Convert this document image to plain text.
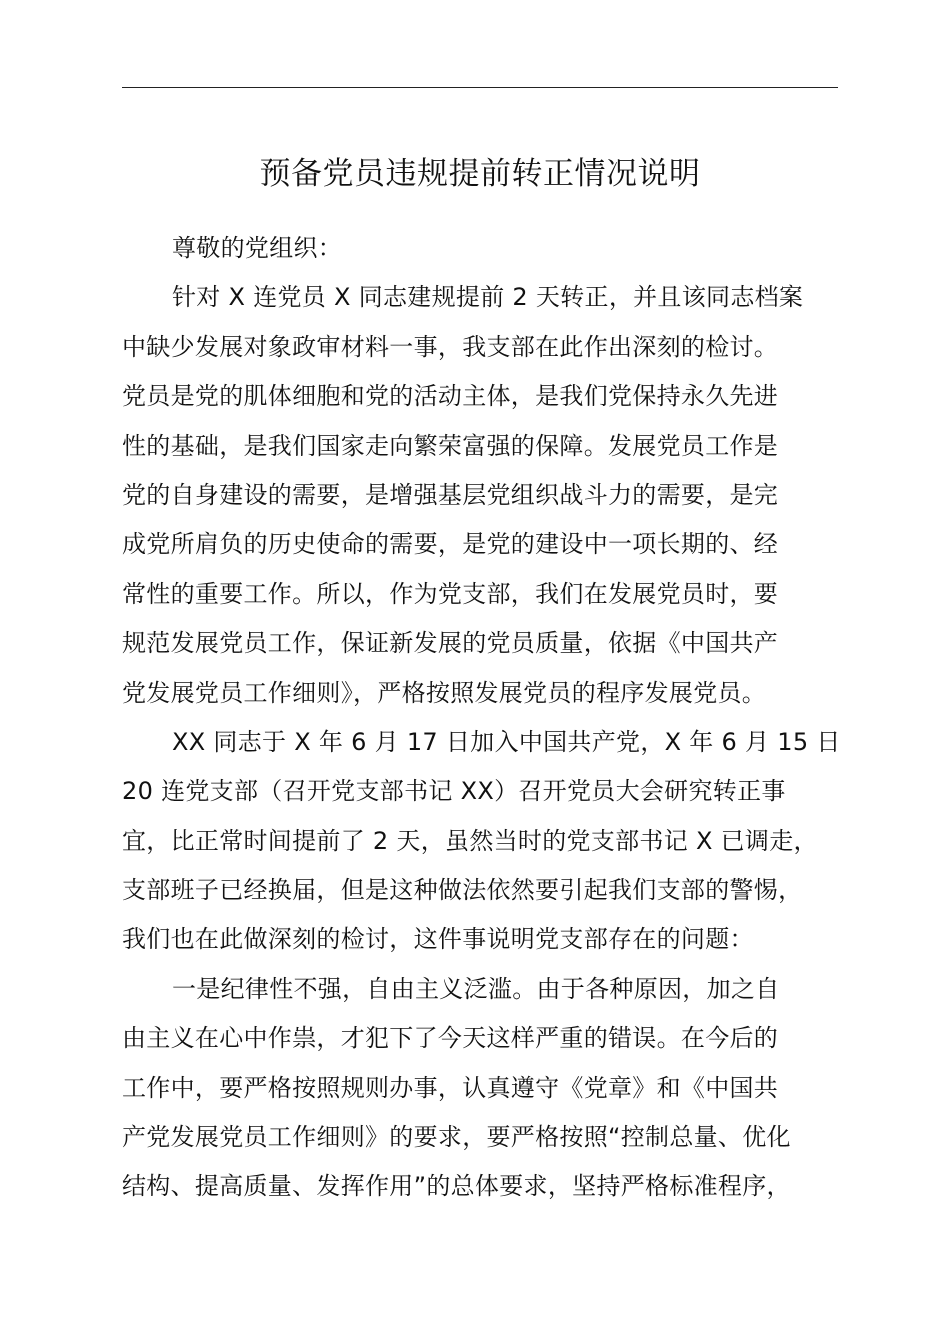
预备党员违规提前转正情况说明
尊敬的党组织：
针对 X 连党员 X 同志建规提前 2 天转正，并且该同志档案
中缺少发展对象政审材料一事，我支部在此作出深刻的检讨。
党员是党的肌体细胞和党的活动主体，是我们党保持永久先进
性的基础，是我们国家走向繁荣富强的保障。发展党员工作是
党的自身建设的需要，是增强基层党组织战斗力的需要，是完
成党所肩负的历史使命的需要，是党的建设中一项长期的、经
常性的重要工作。所以，作为党支部，我们在发展党员时，要
规范发展党员工作，保证新发展的党员质量，依据《中国共产
党发展党员工作细则》，严格按照发展党员的程序发展党员。
XX 同志于 X 年 6 月 17 日加入中国共产党，X 年 6 月 15 日
20 连党支部（召开党支部书记 XX）召开党员大会研究转正事
宜，比正常时间提前了 2 天，虽然当时的党支部书记 X 已调走，
支部班子已经换届，但是这种做法依然要引起我们支部的警惕，
我们也在此做深刻的检讨，这件事说明党支部存在的问题：
一是纪律性不强，自由主义泛滥。由于各种原因，加之自
由主义在心中作祟，才犯下了今天这样严重的错误。在今后的
工作中，要严格按照规则办事，认真遵守《党章》和《中国共
产党发展党员工作细则》的要求，要严格按照“控制总量、优化
结构、提高质量、发挥作用”的总体要求，坚持严格标准程序，
